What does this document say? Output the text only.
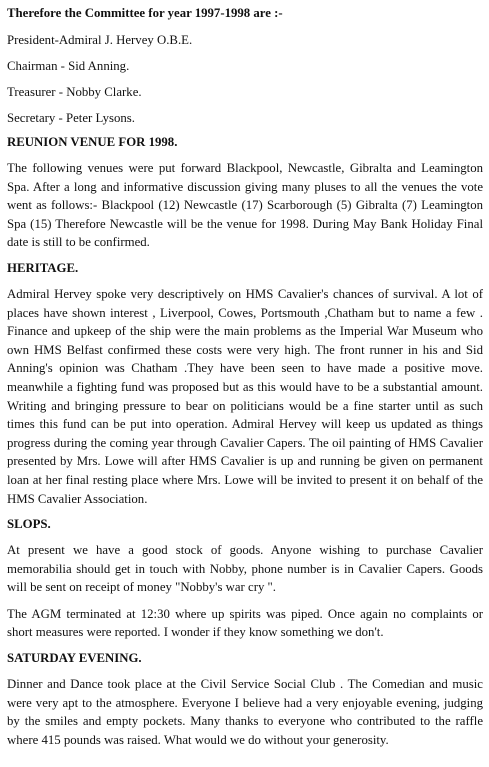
Therefore the Committee for year 1997-1998 are :-

President-Admiral J. Hervey O.B.E.

Chairman - Sid Anning.

Treasurer - Nobby Clarke.

Secretary - Peter Lysons.

REUNION VENUE FOR 1998.

The following venues were put forward Blackpool, Newcastle, Gibralta and Leamington Spa. After a long and informative discussion giving many pluses to all the venues the vote went as follows:- Blackpool (12) Newcastle (17) Scarborough (5) Gibralta (7) Leamington Spa (15) Therefore Newcastle will be the venue for 1998. During May Bank Holiday Final date is still to be confirmed.

HERITAGE.

Admiral Hervey spoke very descriptively on HMS Cavalier's chances of survival. A lot of places have shown interest , Liverpool, Cowes, Portsmouth ,Chatham but to name a few . Finance and upkeep of the ship were the main problems as the Imperial War Museum who own HMS Belfast confirmed these costs were very high. The front runner in his and Sid Anning's opinion was Chatham .They have been seen to have made a positive move. meanwhile a fighting fund was proposed but as this would have to be a substantial amount. Writing and bringing pressure to bear on politicians would be a fine starter until as such times this fund can be put into operation. Admiral Hervey will keep us updated as things progress during the coming year through Cavalier Capers. The oil painting of HMS Cavalier presented by Mrs. Lowe will after HMS Cavalier is up and running be given on permanent loan at her final resting place where Mrs. Lowe will be invited to present it on behalf of the HMS Cavalier Association.

SLOPS.

At present we have a good stock of goods. Anyone wishing to purchase Cavalier memorabilia should get in touch with Nobby, phone number is in Cavalier Capers. Goods will be sent on receipt of money "Nobby's war cry ".

The AGM terminated at 12:30 where up spirits was piped. Once again no complaints or short measures were reported. I wonder if they know something we don't.

SATURDAY EVENING.

Dinner and Dance took place at the Civil Service Social Club . The Comedian and music were very apt to the atmosphere. Everyone I believe had a very enjoyable evening, judging by the smiles and empty pockets. Many thanks to everyone who contributed to the raffle where 415 pounds was raised. What would we do without your generosity.
